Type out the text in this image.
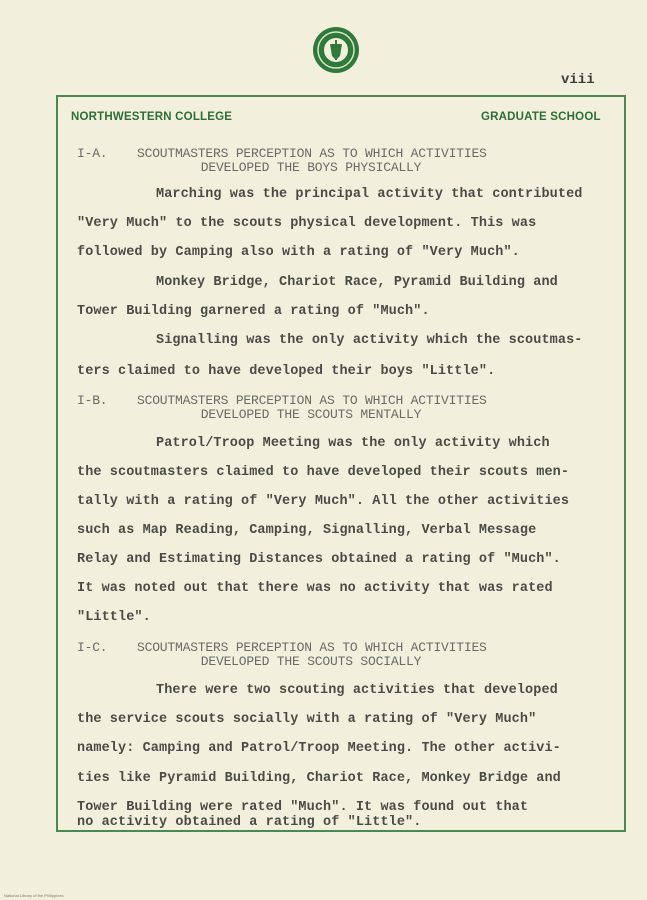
viii
NORTHWESTERN COLLEGE	GRADUATE SCHOOL
I-A. SCOUTMASTERS PERCEPTION AS TO WHICH ACTIVITIES
DEVELOPED THE BOYS PHYSICALLY
Marching was the principal activity that contributed
"Very Much" to the scouts physical development. This was
followed by Camping also with a rating of "Very Much".
Monkey Bridge, Chariot Race, Pyramid Building and
Tower Building garnered a rating of "Much".
Signalling was the only activity which the scoutmas-
ters claimed to have developed their boys "Little".
I-B. SCOUTMASTERS PERCEPTION AS TO WHICH ACTIVITIES
DEVELOPED THE SCOUTS MENTALLY
Patrol/Troop Meeting was the only activity which
the scoutmasters claimed to have developed their scouts men-
tally with a rating of "Very Much". All the other activities
such as Map Reading, Camping, Signalling, Verbal Message
Relay and Estimating Distances obtained a rating of "Much".
It was noted out that there was no activity that was rated
"Little".
I-C. SCOUTMASTERS PERCEPTION AS TO WHICH ACTIVITIES
DEVELOPED THE SCOUTS SOCIALLY
There were two scouting activities that developed
the service scouts socially with a rating of "Very Much"
namely: Camping and Patrol/Troop Meeting. The other activi-
ties like Pyramid Building, Chariot Race, Monkey Bridge and
Tower Building were rated "Much". It was found out that
no activity obtained a rating of "Little".
National Library of the Philippines
